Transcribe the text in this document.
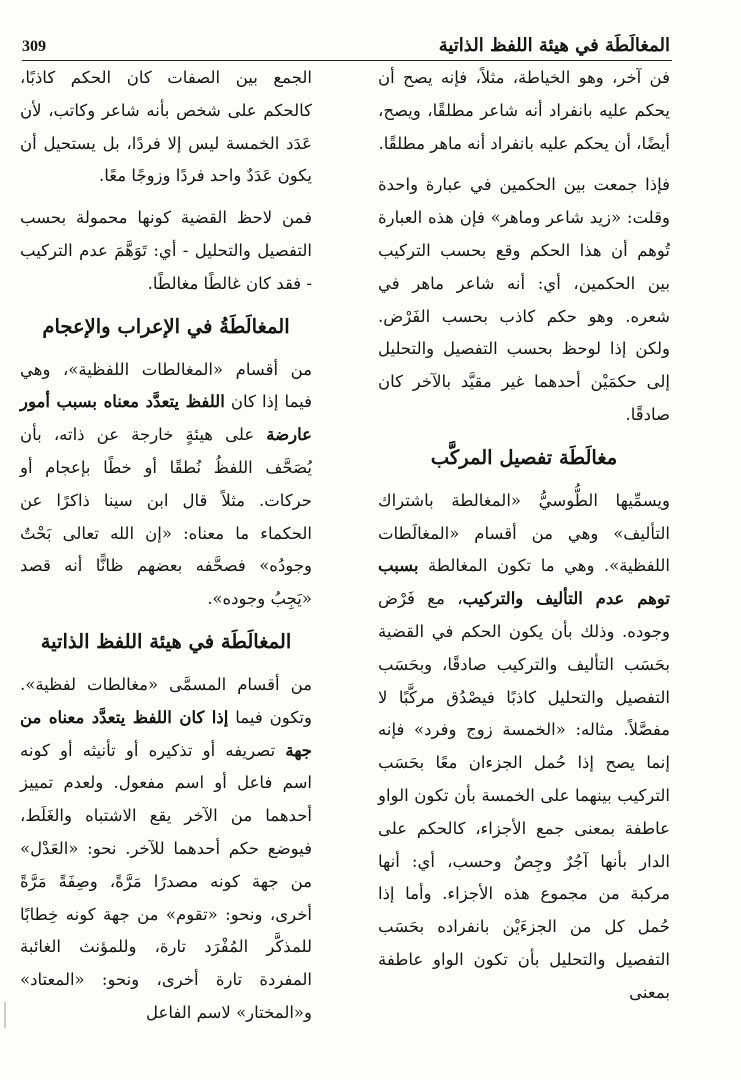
المغالَطَة في هيئة اللفظ الذاتية
309

فن آخر، وهو الخياطة، مثلاً، فإنه يصح أن يحكم عليه بانفراد أنه شاعر مطلقًا، ويصح، أيضًا، أن يحكم عليه بانفراد أنه ماهر مطلقًا.

فإذا جمعت بين الحكمين في عبارة واحدة وقلت: «زيد شاعر وماهر» فإن هذه العبارة تُوهم أن هذا الحكم وقع بحسب التركيب بين الحكمين، أي: أنه شاعر ماهر في شعره. وهو حكم كاذب بحسب الفَرْض. ولكن إذا لوحظ بحسب التفصيل والتحليل إلى حكمَيْن أحدهما غير مقيَّد بالآخر كان صادقًا.

مغالَطَة تفصيل المركَّب

ويسمِّيها الطُّوسيُّ «المغالطة باشتراك التأليف» وهي من أقسام «المغالَطات اللفظية». وهي ما تكون المغالطة بسبب توهم عدم التأليف والتركيب، مع فَرْض وجوده. وذلك بأن يكون الحكم في القضية بحَسَب التأليف والتركيب صادقًا، وبحَسَب التفصيل والتحليل كاذبًا فيصْدُق مركَّبًا لا مفصَّلاً. مثاله: «الخمسة زوج وفرد» فإنه إنما يصح إذا حُمل الجزءان معًا بحَسَب التركيب بينهما على الخمسة بأن تكون الواو عاطفة بمعنى جمع الأجزاء، كالحكم على الدار بأنها آجُرٌ وجِصٌ وحسب، أي: أنها مركبة من مجموع هذه الأجزاء. وأما إذا حُمل كل من الجزءَيْن بانفراده بحَسَب التفصيل والتحليل بأن تكون الواو عاطفة بمعنى

الجمع بين الصفات كان الحكم كاذبًا، كالحكم على شخص بأنه شاعر وكاتب، لأن عَدَد الخمسة ليس إلا فردًا، بل يستحيل أن يكون عَدَدٌ واحد فردًا وزوجًا معًا.

فمن لاحظ القضية كونها محمولة بحسب التفصيل والتحليل - أي: تَوَهَّمَ عدم التركيب - فقد كان غالطًا مغالطًا.

المغالَطَةُ في الإعراب والإعجام

من أقسام «المغالطات اللفظية»، وهي فيما إذا كان اللفظ يتعدَّد معناه بسبب أمور عارضة على هيئةٍ خارجة عن ذاته، بأن يُصَحَّف اللفظُ نُطقًا أو خطًا بإعجام أو حركات. مثلاً قال ابن سينا ذاكرًا عن الحكماء ما معناه: «إن الله تعالى بَحْتٌ وجودُه» فصحَّفه بعضهم ظانًّا أنه قصد «يَجِبُ وجوده».

المغالَطَة في هيئة اللفظ الذاتية

من أقسام المسمَّى «مغالطات لفظية». وتكون فيما إذا كان اللفظ يتعدَّد معناه من جهة تصريفه أو تذكيره أو تأنيثه أو كونه اسم فاعل أو اسم مفعول. ولعدم تمييز أحدهما من الآخر يقع الاشتباه والغَلَط، فيوضع حكم أحدهما للآخر. نحو: «العَدْل» من جهة كونه مصدرًا مَرَّةً، وصِفَةً مَرَّةً أخرى، ونحو: «تقوم» من جهة كونه خِطابًا للمذكَّر المُفْرَد تارة، وللمؤنث الغائبة المفردة تارة أخرى، ونحو: «المعتاد» و«المختار» لاسم الفاعل
